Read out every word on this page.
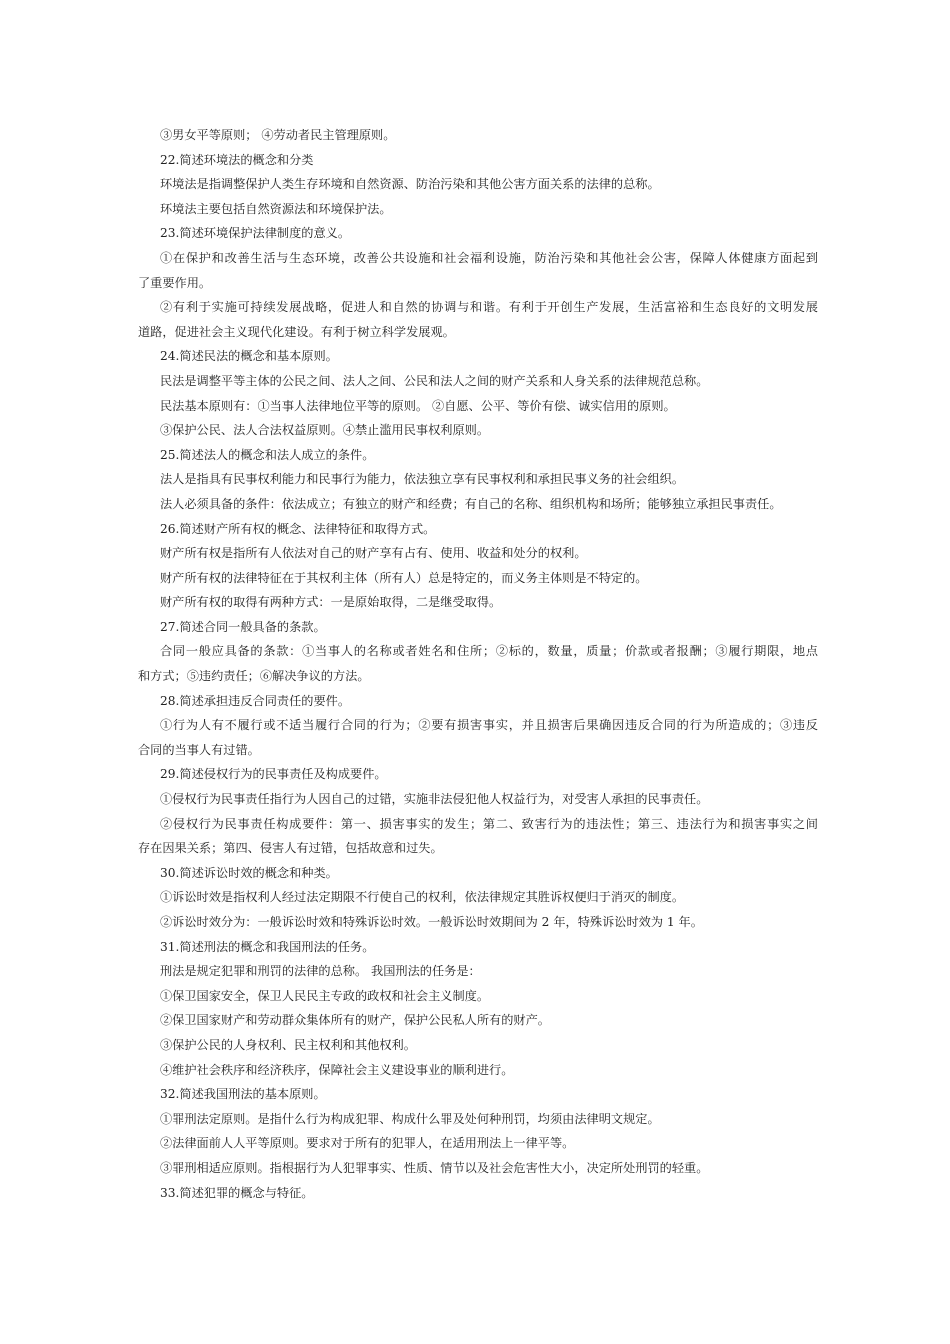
③男女平等原则； ④劳动者民主管理原则。
22.简述环境法的概念和分类
环境法是指调整保护人类生存环境和自然资源、防治污染和其他公害方面关系的法律的总称。
环境法主要包括自然资源法和环境保护法。
23.简述环境保护法律制度的意义。
①在保护和改善生活与生态环境，改善公共设施和社会福利设施，防治污染和其他社会公害，保障人体健康方面起到
了重要作用。
②有利于实施可持续发展战略，促进人和自然的协调与和谐。有利于开创生产发展，生活富裕和生态良好的文明发展
道路，促进社会主义现代化建设。有利于树立科学发展观。
24.简述民法的概念和基本原则。
民法是调整平等主体的公民之间、法人之间、公民和法人之间的财产关系和人身关系的法律规范总称。
民法基本原则有：①当事人法律地位平等的原则。 ②自愿、公平、等价有偿、诚实信用的原则。
③保护公民、法人合法权益原则。④禁止滥用民事权利原则。
25.简述法人的概念和法人成立的条件。
法人是指具有民事权利能力和民事行为能力，依法独立享有民事权利和承担民事义务的社会组织。
法人必须具备的条件：依法成立；有独立的财产和经费；有自己的名称、组织机构和场所；能够独立承担民事责任。
26.简述财产所有权的概念、法律特征和取得方式。
财产所有权是指所有人依法对自己的财产享有占有、使用、收益和处分的权利。
财产所有权的法律特征在于其权利主体（所有人）总是特定的，而义务主体则是不特定的。
财产所有权的取得有两种方式：一是原始取得，二是继受取得。
27.简述合同一般具备的条款。
合同一般应具备的条款：①当事人的名称或者姓名和住所；②标的，数量，质量；价款或者报酬；③履行期限，地点
和方式；⑤违约责任；⑥解决争议的方法。
28.简述承担违反合同责任的要件。
①行为人有不履行或不适当履行合同的行为；②要有损害事实，并且损害后果确因违反合同的行为所造成的；③违反
合同的当事人有过错。
29.简述侵权行为的民事责任及构成要件。
①侵权行为民事责任指行为人因自己的过错，实施非法侵犯他人权益行为，对受害人承担的民事责任。
②侵权行为民事责任构成要件：第一、损害事实的发生；第二、致害行为的违法性；第三、违法行为和损害事实之间
存在因果关系；第四、侵害人有过错，包括故意和过失。
30.简述诉讼时效的概念和种类。
①诉讼时效是指权利人经过法定期限不行使自己的权利，依法律规定其胜诉权便归于消灭的制度。
②诉讼时效分为：一般诉讼时效和特殊诉讼时效。一般诉讼时效期间为 2 年，特殊诉讼时效为 1 年。
31.简述刑法的概念和我国刑法的任务。
刑法是规定犯罪和刑罚的法律的总称。 我国刑法的任务是：
①保卫国家安全，保卫人民民主专政的政权和社会主义制度。
②保卫国家财产和劳动群众集体所有的财产，保护公民私人所有的财产。
③保护公民的人身权利、民主权利和其他权利。
④维护社会秩序和经济秩序，保障社会主义建设事业的顺利进行。
32.简述我国刑法的基本原则。
①罪刑法定原则。是指什么行为构成犯罪、构成什么罪及处何种刑罚，均须由法律明文规定。
②法律面前人人平等原则。要求对于所有的犯罪人，在适用刑法上一律平等。
③罪刑相适应原则。指根据行为人犯罪事实、性质、情节以及社会危害性大小，决定所处刑罚的轻重。
33.简述犯罪的概念与特征。
